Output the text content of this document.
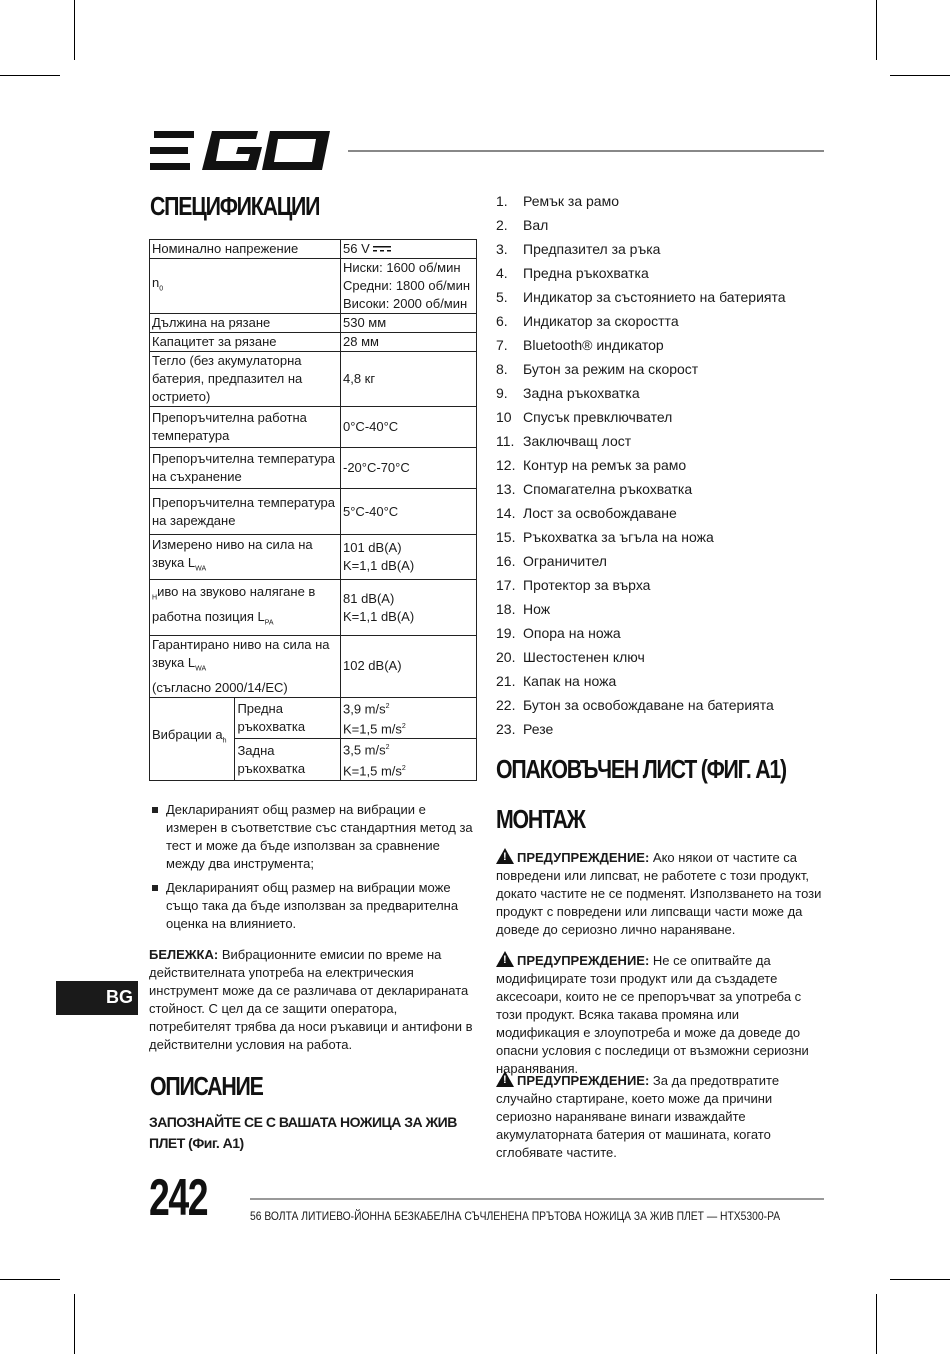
СПЕЦИФИКАЦИИ
Номинално напрежение		56 V
$n_0$		Ниски: 1600 об/мин
Средни: 1800 об/мин
Високи: 2000 об/мин
Дължина на рязане		530 мм
Капацитет за рязане		28 мм
Тегло (без акумулаторна батерия, предпазител на острието)		4,8 кг
Препоръчителна работна температура		0°C-40°C
Препоръчителна температура на съхранение		-20°C-70°C
Препоръчителна температура на зареждане		5°C-40°C
Измерено ниво на сила на звука $L_{WA}$		101 dB(A)
K=1,1 dB(A)
$_H$иво на звуково налягане в работна позиция $L_{PA}$		81 dB(A)
K=1,1 dB(A)
Гарантирано ниво на сила на звука $L_{WA}$
(съгласно 2000/14/EC)		102 dB(A)
Вибрации $a_h$	Предна ръкохватка	3,9 $m/s^2$
K=1,5 $m/s^2$
	Задна ръкохватка	3,5 $m/s^2$
K=1,5 $m/s^2$
Декларираният общ размер на вибрации е измерен в съответствие със стандартния метод за тест и може да бъде използван за сравнение между два инструмента;
Декларираният общ размер на вибрации може също така да бъде използван за предварителна оценка на влиянието.
БЕЛЕЖКА: Вибрационните емисии по време на действителната употреба на електрическия инструмент може да се различава от декларираната стойност. С цел да се защити оператора, потребителят трябва да носи ръкавици и антифони в действителни условия на работа.
ОПИСАНИЕ
ЗАПОЗНАЙТЕ СЕ С ВАШАТА НОЖИЦА ЗА ЖИВ ПЛЕТ (Фиг. A1)
BG
1. Ремък за рамо
2. Вал
3. Предпазител за ръка
4. Предна ръкохватка
5. Индикатор за състоянието на батерията
6. Индикатор за скоростта
7. Bluetooth® индикатор
8. Бутон за режим на скорост
9. Задна ръкохватка
10 Спусък превключвател
11. Заключващ лост
12. Контур на ремък за рамо
13. Спомагателна ръкохватка
14. Лост за освобождаване
15. Ръкохватка за ъгъла на ножа
16. Ограничител
17. Протектор за върха
18. Нож
19. Опора на ножа
20. Шестостенен ключ
21. Капак на ножа
22. Бутон за освобождаване на батерията
23. Резе
ОПАКОВЪЧЕН ЛИСТ (ФИГ. A1)
МОНТАЖ
!ПРЕДУПРЕЖДЕНИЕ: Ако някои от частите са повредени или липсват, не работете с този продукт, докато частите не се подменят. Използването на този продукт с повредени или липсващи части може да доведе до сериозно лично нараняване.
!ПРЕДУПРЕЖДЕНИЕ: Не се опитвайте да модифицирате този продукт или да създадете аксесоари, които не се препоръчват за употреба с този продукт. Всяка такава промяна или модификация е злоупотреба и може да доведе до опасни условия с последици от възможни сериозни наранявания.
!ПРЕДУПРЕЖДЕНИЕ: За да предотвратите случайно стартиране, което може да причини сериозно нараняване винаги изваждайте акумулаторната батерия от машината, когато сглобявате частите.
242	56 ВОЛТА ЛИТИЕВО-ЙОННА БЕЗКАБЕЛНА СЪЧЛЕНЕНА ПРЪТОВА НОЖИЦА ЗА ЖИВ ПЛЕТ — HTX5300-PA
